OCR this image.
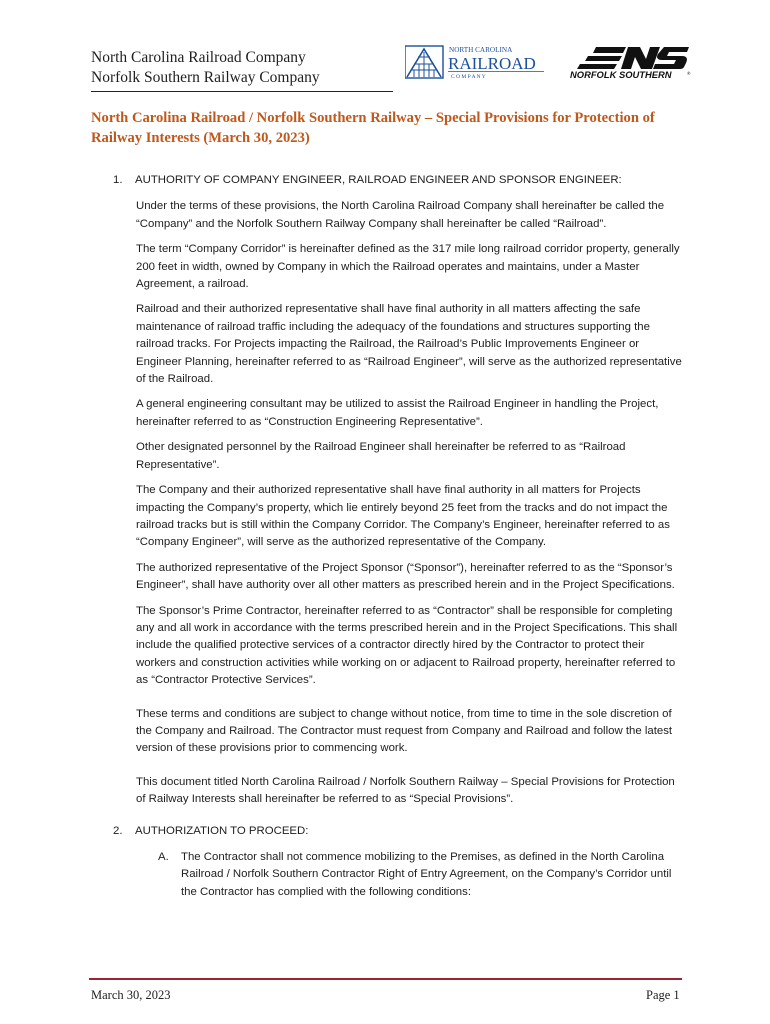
North Carolina Railroad Company
Norfolk Southern Railway Company
NORTH CAROLINA
RAILROAD
C O M P A N Y	NORFOLK SOUTHERN	®
North Carolina Railroad / Norfolk Southern Railway – Special Provisions for Protection of Railway Interests (March 30, 2023)
1. AUTHORITY OF COMPANY ENGINEER, RAILROAD ENGINEER AND SPONSOR ENGINEER:

Under the terms of these provisions, the North Carolina Railroad Company shall hereinafter be called the “Company” and the Norfolk Southern Railway Company shall hereinafter be called “Railroad”.

The term “Company Corridor” is hereinafter defined as the 317 mile long railroad corridor property, generally 200 feet in width, owned by Company in which the Railroad operates and maintains, under a Master Agreement, a railroad.

Railroad and their authorized representative shall have final authority in all matters affecting the safe maintenance of railroad traffic including the adequacy of the foundations and structures supporting the railroad tracks. For Projects impacting the Railroad, the Railroad’s Public Improvements Engineer or Engineer Planning, hereinafter referred to as “Railroad Engineer”, will serve as the authorized representative of the Railroad.

A general engineering consultant may be utilized to assist the Railroad Engineer in handling the Project, hereinafter referred to as “Construction Engineering Representative”.

Other designated personnel by the Railroad Engineer shall hereinafter be referred to as “Railroad Representative”.

The Company and their authorized representative shall have final authority in all matters for Projects impacting the Company’s property, which lie entirely beyond 25 feet from the tracks and do not impact the railroad tracks but is still within the Company Corridor. The Company’s Engineer, hereinafter referred to as “Company Engineer”, will serve as the authorized representative of the Company.

The authorized representative of the Project Sponsor (“Sponsor”), hereinafter referred to as the “Sponsor’s Engineer”, shall have authority over all other matters as prescribed herein and in the Project Specifications.

The Sponsor’s Prime Contractor, hereinafter referred to as “Contractor” shall be responsible for completing any and all work in accordance with the terms prescribed herein and in the Project Specifications. This shall include the qualified protective services of a contractor directly hired by the Contractor to protect their workers and construction activities while working on or adjacent to Railroad property, hereinafter referred to as “Contractor Protective Services”.

These terms and conditions are subject to change without notice, from time to time in the sole discretion of the Company and Railroad. The Contractor must request from Company and Railroad and follow the latest version of these provisions prior to commencing work.

This document titled North Carolina Railroad / Norfolk Southern Railway – Special Provisions for Protection of Railway Interests shall hereinafter be referred to as “Special Provisions”.

2. AUTHORIZATION TO PROCEED:
A. The Contractor shall not commence mobilizing to the Premises, as defined in the North Carolina Railroad / Norfolk Southern Contractor Right of Entry Agreement, on the Company’s Corridor until the Contractor has complied with the following conditions:
March 30, 2023	Page 1
